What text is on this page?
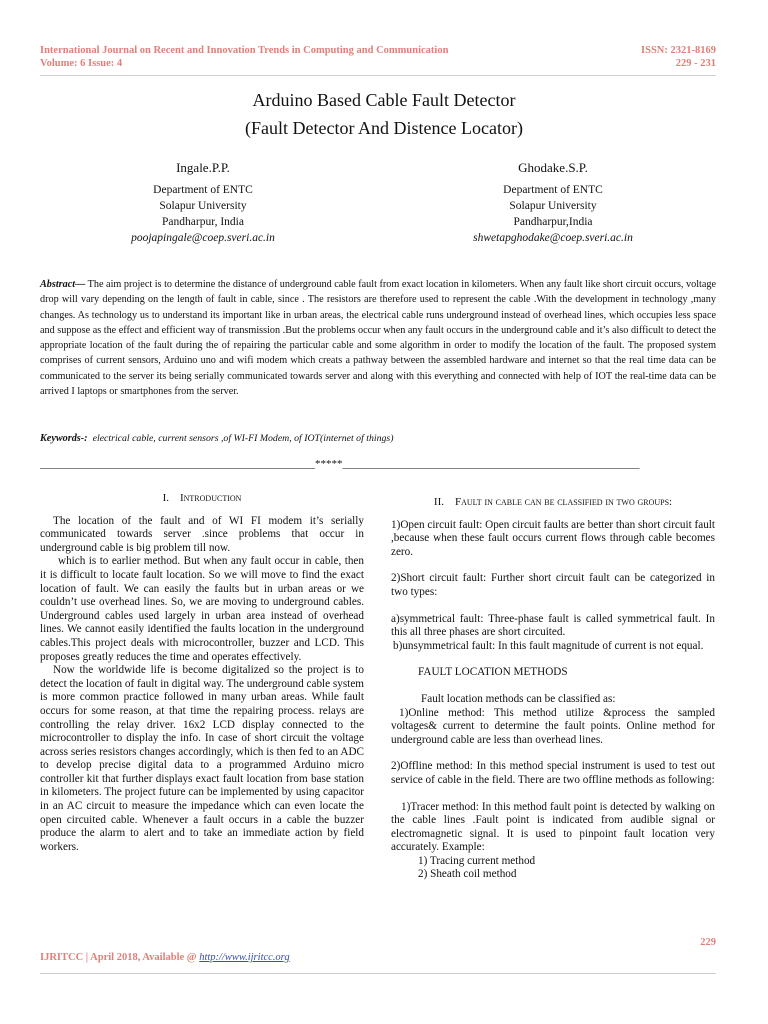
International Journal on Recent and Innovation Trends in Computing and Communication
Volume: 6 Issue: 4
ISSN: 2321-8169
229 - 231
Arduino Based Cable Fault Detector
(Fault Detector And Distence Locator)
Ingale.P.P.
Department of ENTC
Solapur University
Pandharpur, India
poojapingale@coep.sveri.ac.in
Ghodake.S.P.
Department of ENTC
Solapur University
Pandharpur,India
shwetapghodake@coep.sveri.ac.in
Abstract— The aim project is to determine the distance of underground cable fault from exact location in kilometers. When any fault like short circuit occurs, voltage drop will vary depending on the length of fault in cable, since . The resistors are therefore used to represent the cable .With the development in technology ,many changes. As technology us to understand its important like in urban areas, the electrical cable runs underground instead of overhead lines, which occupies less space and suppose as the effect and efficient way of transmission .But the problems occur when any fault occurs in the underground cable and it’s also difficult to detect the appropriate location of the fault during the of repairing the particular cable and some algorithm in order to modify the location of the fault. The proposed system comprises of current sensors, Arduino uno and wifi modem which creats a pathway between the assembled hardware and internet so that the real time data can be communicated to the server its being serially communicated towards server and along with this everything and connected with help of IOT the real-time data can be arrived I laptops or smartphones from the server.
Keywords-: electrical cable, current sensors ,of WI-FI Modem, of IOT(internet of things)
__________________________________________________*****______________________________________________________
I. Introduction

The location of the fault and of WI FI modem it’s serially communicated towards server .since problems that occur in underground cable is big problem till now.

which is to earlier method. But when any fault occur in cable, then it is difficult to locate fault location. So we will move to find the exact location of fault. We can easily the faults but in urban areas or we couldn’t use overhead lines. So, we are moving to underground cables. Underground cables used largely in urban area instead of overhead lines. We cannot easily identified the faults location in the underground cables.This project deals with microcontroller, buzzer and LCD. This proposes greatly reduces the time and operates effectively.

Now the worldwide life is become digitalized so the project is to detect the location of fault in digital way. The underground cable system is more common practice followed in many urban areas. While fault occurs for some reason, at that time the repairing process. relays are controlling the relay driver. 16x2 LCD display connected to the microcontroller to display the info. In case of short circuit the voltage across series resistors changes accordingly, which is then fed to an ADC to develop precise digital data to a programmed Arduino micro controller kit that further displays exact fault location from base station in kilometers. The project future can be implemented by using capacitor in an AC circuit to measure the impedance which can even locate the open circuited cable. Whenever a fault occurs in a cable the buzzer produce the alarm to alert and to take an immediate action by field workers.

II. Fault in cable can be classified in two groups:

1)Open circuit fault: Open circuit faults are better than short circuit fault ,because when these fault occurs current flows through cable becomes zero.

2)Short circuit fault: Further short circuit fault can be categorized in two types:

a)symmetrical fault: Three-phase fault is called symmetrical fault. In this all three phases are short circuited.

b)unsymmetrical fault: In this fault magnitude of current is not equal.

FAULT LOCATION METHODS

Fault location methods can be classified as:

1)Online method: This method utilize &process the sampled voltages& current to determine the fault points. Online method for underground cable are less than overhead lines.

2)Offline method: In this method special instrument is used to test out service of cable in the field. There are two offline methods as following:

1)Tracer method: In this method fault point is detected by walking on the cable lines .Fault point is indicated from audible signal or electromagnetic signal. It is used to pinpoint fault location very accurately. Example:

1) Tracing current method

2) Sheath coil method

229
IJRITCC | April 2018, Available @ http://www.ijritcc.org
